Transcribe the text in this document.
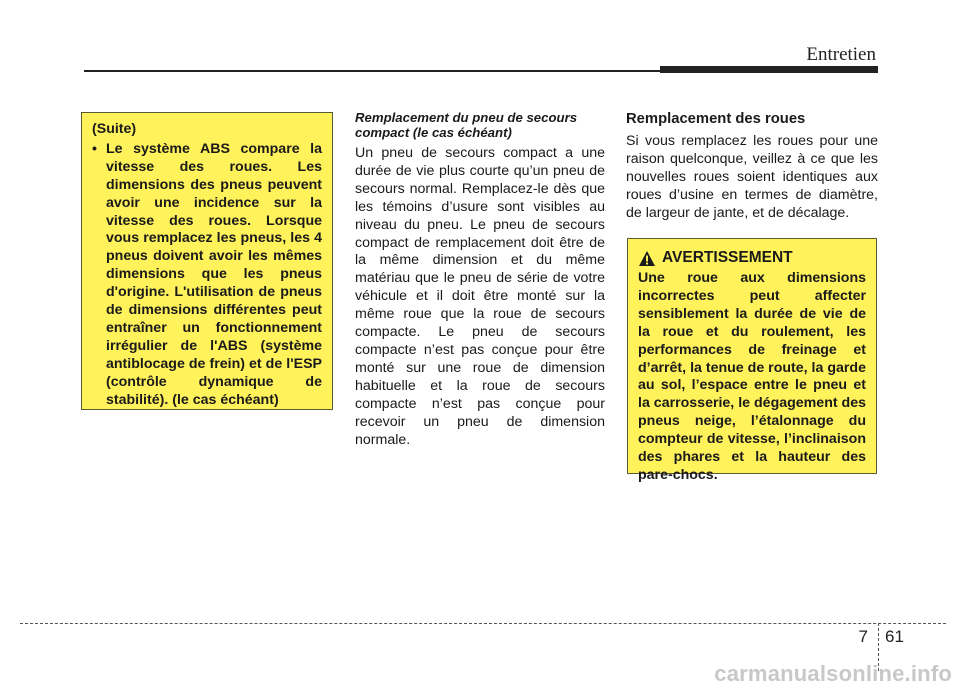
Entretien
(Suite)
• Le système ABS compare la vitesse des roues. Les dimensions des pneus peuvent avoir une incidence sur la vitesse des roues. Lorsque vous remplacez les pneus, les 4 pneus doivent avoir les mêmes dimensions que les pneus d'origine. L'utilisation de pneus de dimensions différentes peut entraîner un fonctionnement irrégulier de l'ABS (système antiblocage de frein) et de l'ESP (contrôle dynamique de stabilité). (le cas échéant)

Remplacement du pneu de secours compact (le cas échéant)

Un pneu de secours compact a une durée de vie plus courte qu’un pneu de secours normal. Remplacez-le dès que les témoins d’usure sont visibles au niveau du pneu. Le pneu de secours compact de remplacement doit être de la même dimension et du même matériau que le pneu de série de votre véhicule et il doit être monté sur la même roue que la roue de secours compacte. Le pneu de secours compacte n’est pas conçue pour être monté sur une roue de dimension habituelle et la roue de secours compacte n’est pas conçue pour recevoir un pneu de dimension normale.

Remplacement des roues

Si vous remplacez les roues pour une raison quelconque, veillez à ce que les nouvelles roues soient identiques aux roues d’usine en termes de diamètre, de largeur de jante, et de décalage.

AVERTISSEMENT
Une roue aux dimensions incorrectes peut affecter sensiblement la durée de vie de la roue et du roulement, les performances de freinage et d’arrêt, la tenue de route, la garde au sol, l’espace entre le pneu et la carrosserie, le dégagement des pneus neige, l’étalonnage du compteur de vitesse, l’inclinaison des phares et la hauteur des pare-chocs.
7 61
carmanualsonline.info
